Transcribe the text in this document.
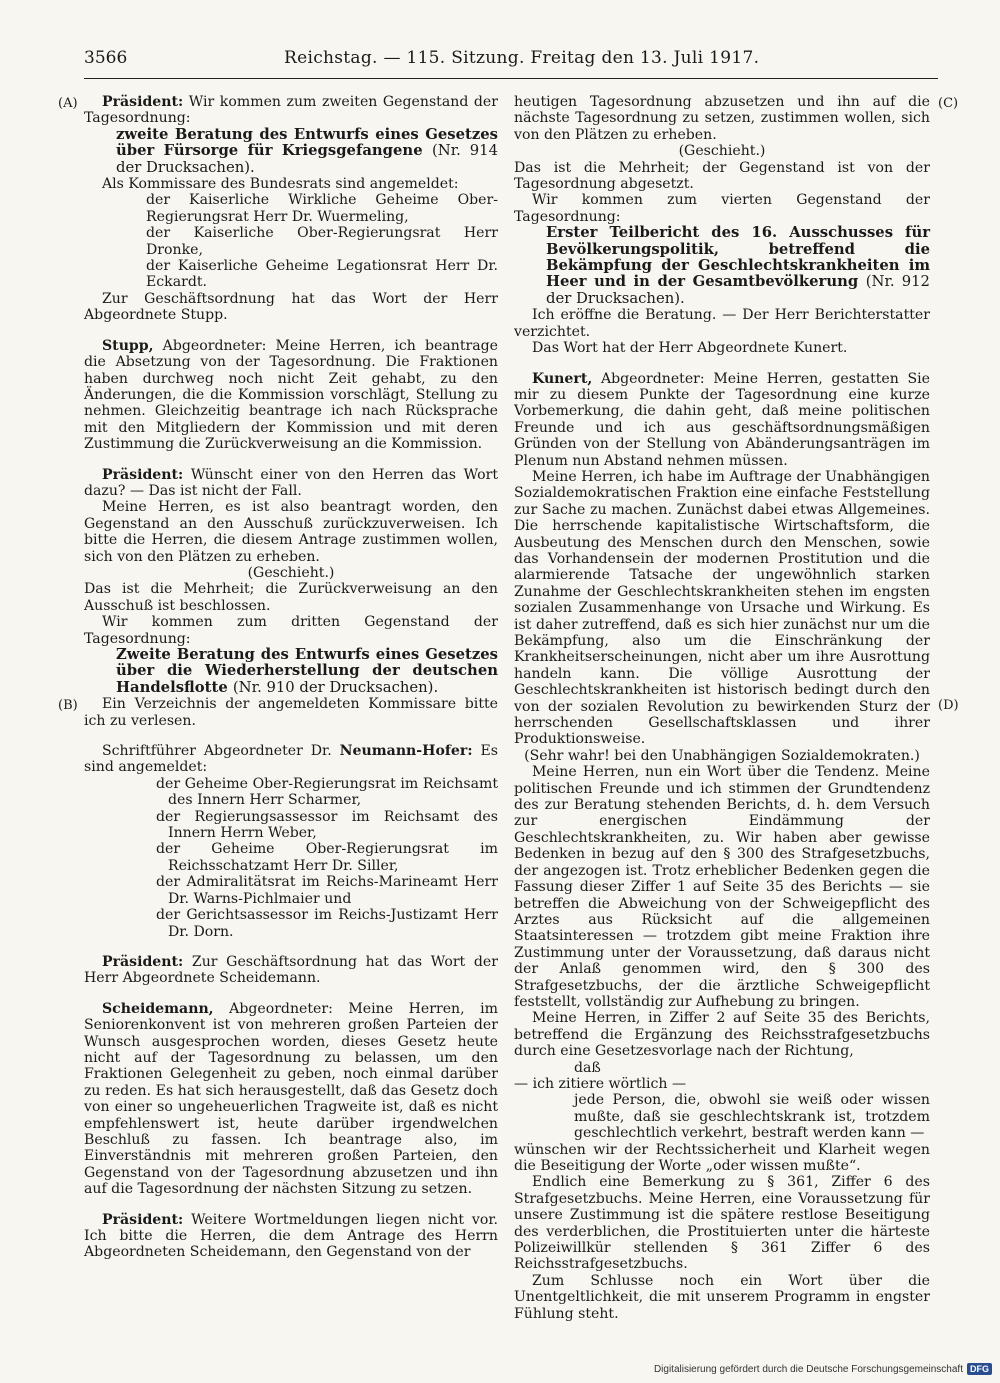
3566	Reichstag. — 115. Sitzung. Freitag den 13. Juli 1917.
(A)
(B)
(C)
(D)

Präsident: Wir kommen zum zweiten Gegenstand der Tagesordnung:

zweite Beratung des Entwurfs eines Gesetzes über Fürsorge für Kriegsgefangene (Nr. 914 der Drucksachen).

Als Kommissare des Bundesrats sind angemeldet:

der Kaiserliche Wirkliche Geheime Ober-Regierungsrat Herr Dr. Wuermeling,

der Kaiserliche Ober-Regierungsrat Herr Dronke,

der Kaiserliche Geheime Legationsrat Herr Dr. Eckardt.

Zur Geschäftsordnung hat das Wort der Herr Abgeordnete Stupp.

Stupp, Abgeordneter: Meine Herren, ich beantrage die Absetzung von der Tagesordnung. Die Fraktionen haben durchweg noch nicht Zeit gehabt, zu den Änderungen, die die Kommission vorschlägt, Stellung zu nehmen. Gleichzeitig beantrage ich nach Rücksprache mit den Mitgliedern der Kommission und mit deren Zustimmung die Zurückverweisung an die Kommission.

Präsident: Wünscht einer von den Herren das Wort dazu? — Das ist nicht der Fall.

Meine Herren, es ist also beantragt worden, den Gegenstand an den Ausschuß zurückzuverweisen. Ich bitte die Herren, die diesem Antrage zustimmen wollen, sich von den Plätzen zu erheben.

(Geschieht.)

Das ist die Mehrheit; die Zurückverweisung an den Ausschuß ist beschlossen.

Wir kommen zum dritten Gegenstand der Tagesordnung:

Zweite Beratung des Entwurfs eines Gesetzes über die Wiederherstellung der deutschen Handelsflotte (Nr. 910 der Drucksachen).

Ein Verzeichnis der angemeldeten Kommissare bitte ich zu verlesen.

Schriftführer Abgeordneter Dr. Neumann-Hofer: Es sind angemeldet:

der Geheime Ober-Regierungsrat im Reichsamt des Innern Herr Scharmer,

der Regierungsassessor im Reichsamt des Innern Herrn Weber,

der Geheime Ober-Regierungsrat im Reichsschatzamt Herr Dr. Siller,

der Admiralitätsrat im Reichs-Marineamt Herr Dr. Warns-Pichlmaier und

der Gerichtsassessor im Reichs-Justizamt Herr Dr. Dorn.

Präsident: Zur Geschäftsordnung hat das Wort der Herr Abgeordnete Scheidemann.

Scheidemann, Abgeordneter: Meine Herren, im Seniorenkonvent ist von mehreren großen Parteien der Wunsch ausgesprochen worden, dieses Gesetz heute nicht auf der Tagesordnung zu belassen, um den Fraktionen Gelegenheit zu geben, noch einmal darüber zu reden. Es hat sich herausgestellt, daß das Gesetz doch von einer so ungeheuerlichen Tragweite ist, daß es nicht empfehlenswert ist, heute darüber irgendwelchen Beschluß zu fassen. Ich beantrage also, im Einverständnis mit mehreren großen Parteien, den Gegenstand von der Tagesordnung abzusetzen und ihn auf die Tagesordnung der nächsten Sitzung zu setzen.

Präsident: Weitere Wortmeldungen liegen nicht vor. Ich bitte die Herren, die dem Antrage des Herrn Abgeordneten Scheidemann, den Gegenstand von der

heutigen Tagesordnung abzusetzen und ihn auf die nächste Tagesordnung zu setzen, zustimmen wollen, sich von den Plätzen zu erheben.

(Geschieht.)

Das ist die Mehrheit; der Gegenstand ist von der Tagesordnung abgesetzt.

Wir kommen zum vierten Gegenstand der Tagesordnung:

Erster Teilbericht des 16. Ausschusses für Bevölkerungspolitik, betreffend die Bekämpfung der Geschlechtskrankheiten im Heer und in der Gesamtbevölkerung (Nr. 912 der Drucksachen).

Ich eröffne die Beratung. — Der Herr Berichterstatter verzichtet.

Das Wort hat der Herr Abgeordnete Kunert.

Kunert, Abgeordneter: Meine Herren, gestatten Sie mir zu diesem Punkte der Tagesordnung eine kurze Vorbemerkung, die dahin geht, daß meine politischen Freunde und ich aus geschäftsordnungsmäßigen Gründen von der Stellung von Abänderungsanträgen im Plenum nun Abstand nehmen müssen.

Meine Herren, ich habe im Auftrage der Unabhängigen Sozialdemokratischen Fraktion eine einfache Feststellung zur Sache zu machen. Zunächst dabei etwas Allgemeines. Die herrschende kapitalistische Wirtschaftsform, die Ausbeutung des Menschen durch den Menschen, sowie das Vorhandensein der modernen Prostitution und die alarmierende Tatsache der ungewöhnlich starken Zunahme der Geschlechtskrankheiten stehen im engsten sozialen Zusammenhange von Ursache und Wirkung. Es ist daher zutreffend, daß es sich hier zunächst nur um die Bekämpfung, also um die Einschränkung der Krankheitserscheinungen, nicht aber um ihre Ausrottung handeln kann. Die völlige Ausrottung der Geschlechtskrankheiten ist historisch bedingt durch den von der sozialen Revolution zu bewirkenden Sturz der herrschenden Gesellschaftsklassen und ihrer Produktionsweise.

(Sehr wahr! bei den Unabhängigen Sozialdemokraten.)

Meine Herren, nun ein Wort über die Tendenz. Meine politischen Freunde und ich stimmen der Grundtendenz des zur Beratung stehenden Berichts, d. h. dem Versuch zur energischen Eindämmung der Geschlechtskrankheiten, zu. Wir haben aber gewisse Bedenken in bezug auf den § 300 des Strafgesetzbuchs, der angezogen ist. Trotz erheblicher Bedenken gegen die Fassung dieser Ziffer 1 auf Seite 35 des Berichts — sie betreffen die Abweichung von der Schweigepflicht des Arztes aus Rücksicht auf die allgemeinen Staatsinteressen — trotzdem gibt meine Fraktion ihre Zustimmung unter der Voraussetzung, daß daraus nicht der Anlaß genommen wird, den § 300 des Strafgesetzbuchs, der die ärztliche Schweigepflicht feststellt, vollständig zur Aufhebung zu bringen.

Meine Herren, in Ziffer 2 auf Seite 35 des Berichts, betreffend die Ergänzung des Reichsstrafgesetzbuchs durch eine Gesetzesvorlage nach der Richtung,

daß

— ich zitiere wörtlich —

jede Person, die, obwohl sie weiß oder wissen mußte, daß sie geschlechtskrank ist, trotzdem geschlechtlich verkehrt, bestraft werden kann —

wünschen wir der Rechtssicherheit und Klarheit wegen die Beseitigung der Worte „oder wissen mußte“.

Endlich eine Bemerkung zu § 361, Ziffer 6 des Strafgesetzbuchs. Meine Herren, eine Voraussetzung für unsere Zustimmung ist die spätere restlose Beseitigung des verderblichen, die Prostituierten unter die härteste Polizeiwillkür stellenden § 361 Ziffer 6 des Reichsstrafgesetzbuchs.

Zum Schlusse noch ein Wort über die Unentgeltlichkeit, die mit unserem Programm in engster Fühlung steht.

Digitalisierung gefördert durch die Deutsche Forschungsgemeinschaft DFG
